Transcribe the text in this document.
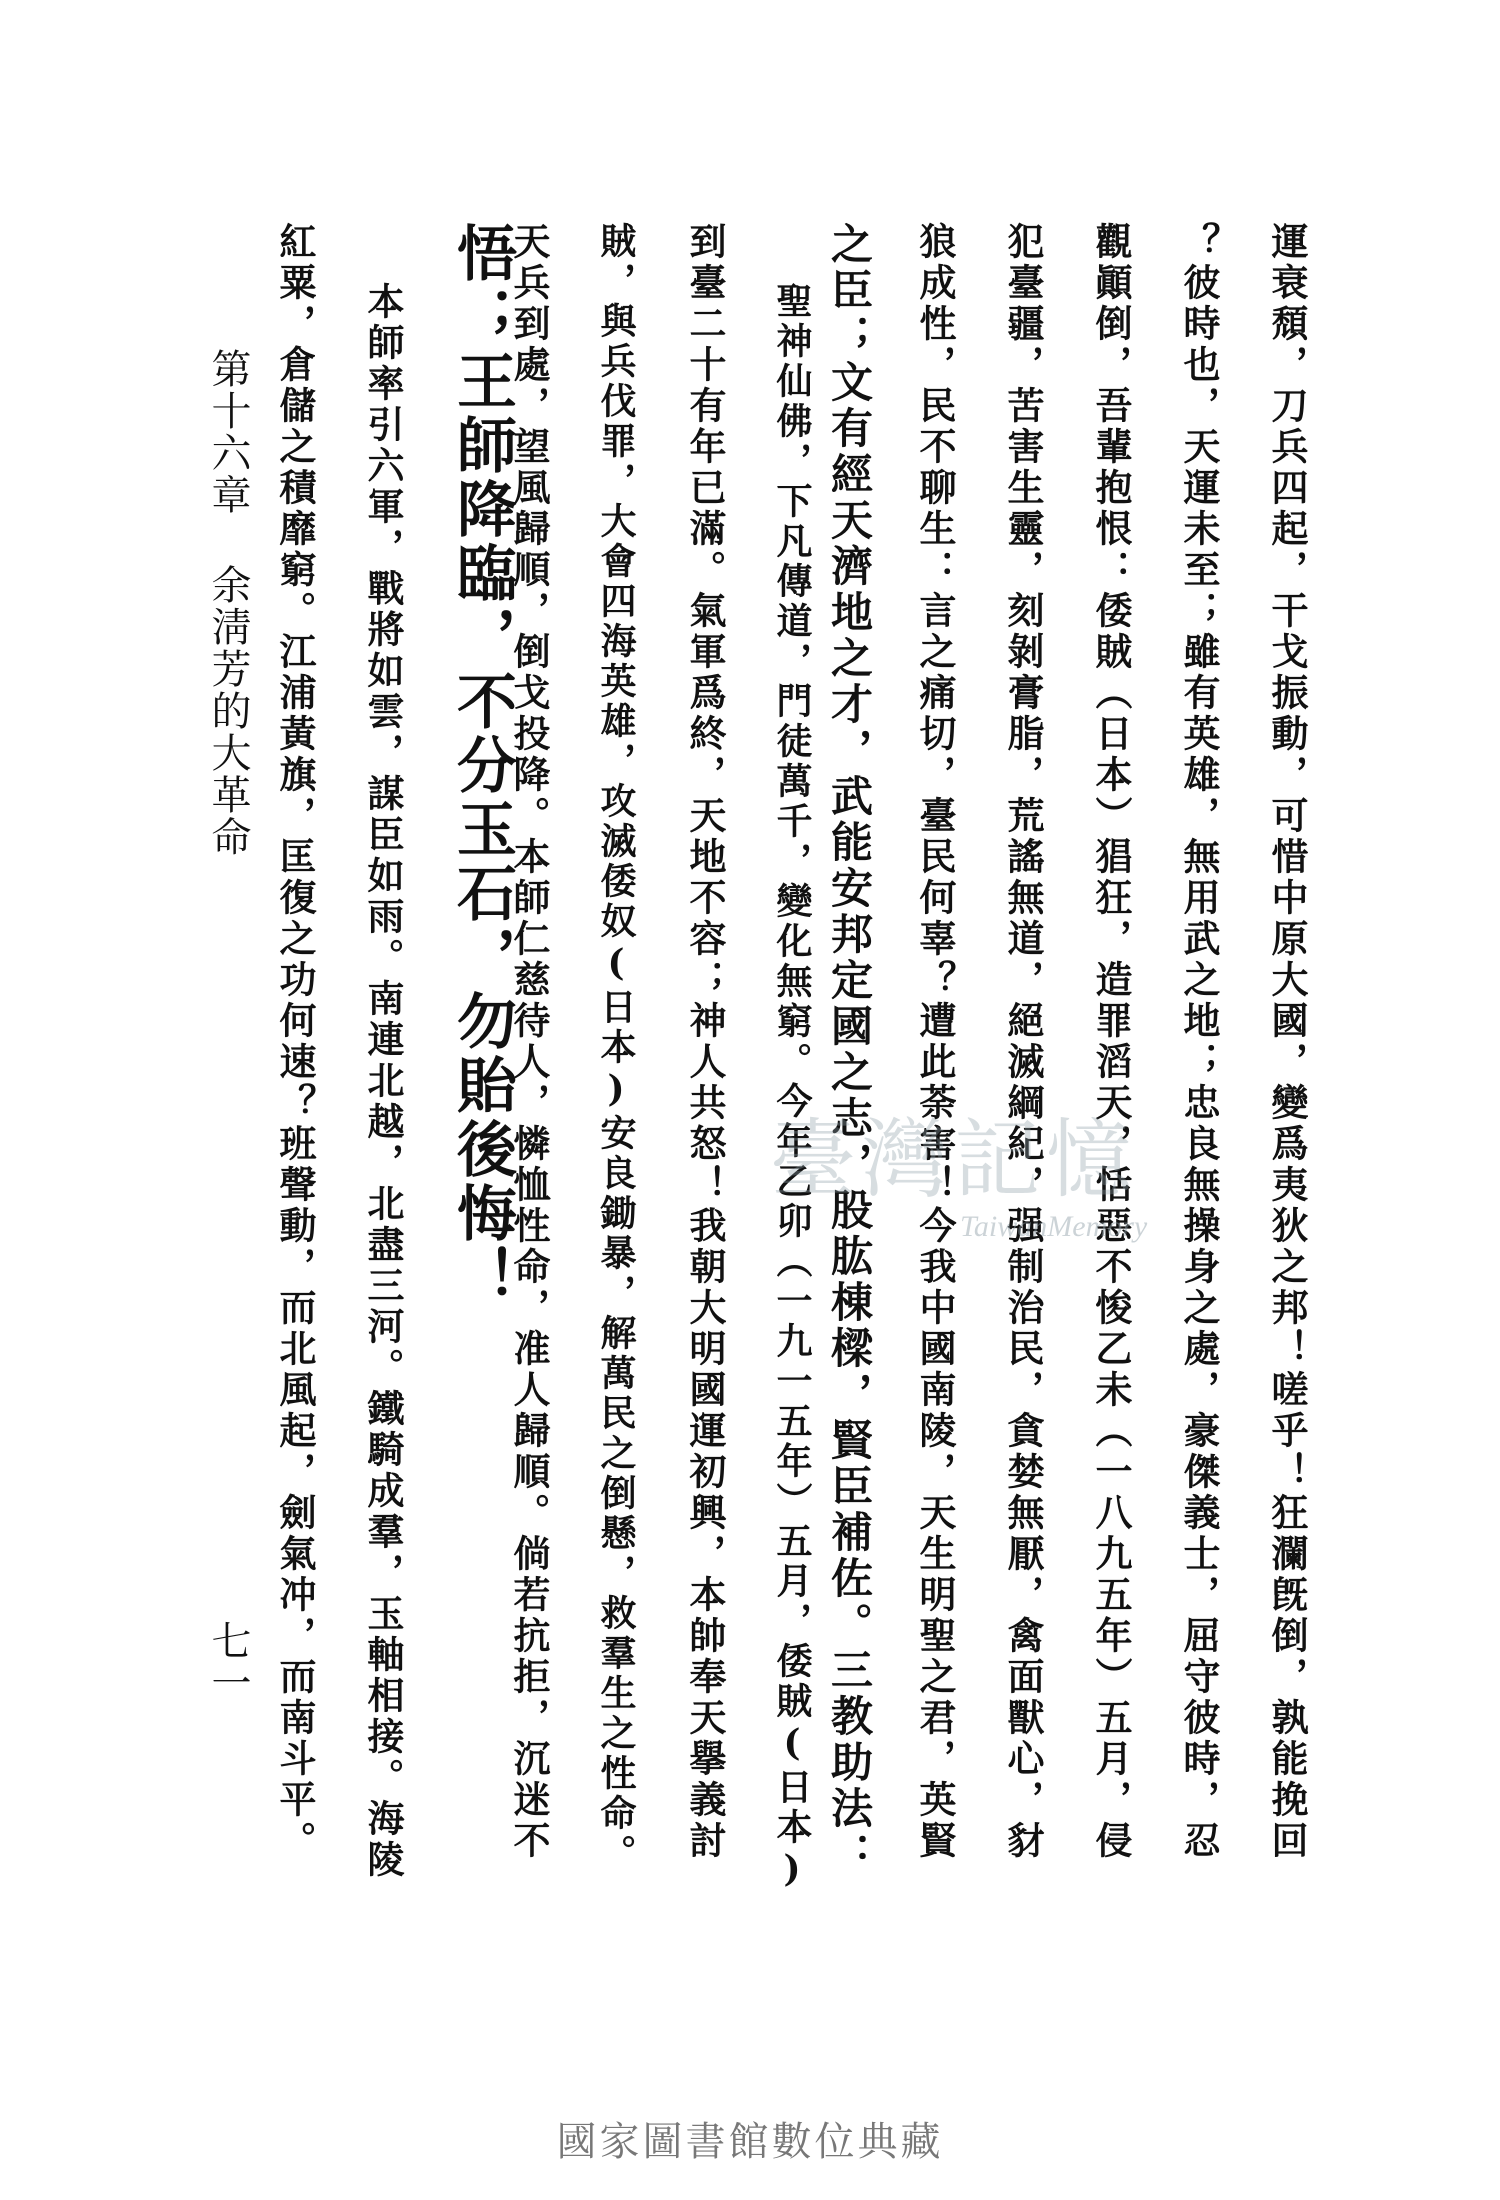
運衰頹，刀兵四起，干戈振動，可惜中原大國，變爲夷狄之邦！嗟乎！狂瀾旣倒，孰能挽回
？彼時也，天運未至；雖有英雄，無用武之地；忠良無操身之處，豪傑義士，屈守彼時，忍
觀顚倒，吾輩抱恨：倭賊（日本）猖狂，造罪滔天，恬惡不悛乙未（一八九五年）五月，侵
犯臺疆，苦害生靈，刻剝膏脂，荒謠無道，絕滅綱紀，强制治民，貪婪無厭，禽面獸心，豺
狼成性，民不聊生：言之痛切，臺民何辜？遭此荼害！今我中國南陵，天生明聖之君，英賢
之臣；文有經天濟地之才，武能安邦定國之志，股肱棟樑，賢臣補佐。三教助法：
聖神仙佛，下凡傳道，門徒萬千，變化無窮。今年乙卯（一九一五年）五月，倭賊(日本)
到臺二十有年已滿。氣軍爲終，天地不容；神人共怒！我朝大明國運初興，本帥奉天擧義討
賊，與兵伐罪，大會四海英雄，攻滅倭奴(日本)安良鋤暴，解萬民之倒懸，救羣生之性命。
天兵到處，望風歸順，倒戈投降。本師仁慈待人，憐恤性命，准人歸順。倘若抗拒，沉迷不
悟；王師降臨，不分玉石，勿貽後悔！
本師率引六軍，戰將如雲，謀臣如雨。南連北越，北盡三河。鐵騎成羣，玉軸相接。海陵
紅粟，倉儲之積靡窮。江浦黃旗，匡復之功何速？班聲動，而北風起，劍氣冲，而南斗平。
第十六章 余淸芳的大革命
七一
臺灣記憶
TaiwanMemory
國家圖書館數位典藏
